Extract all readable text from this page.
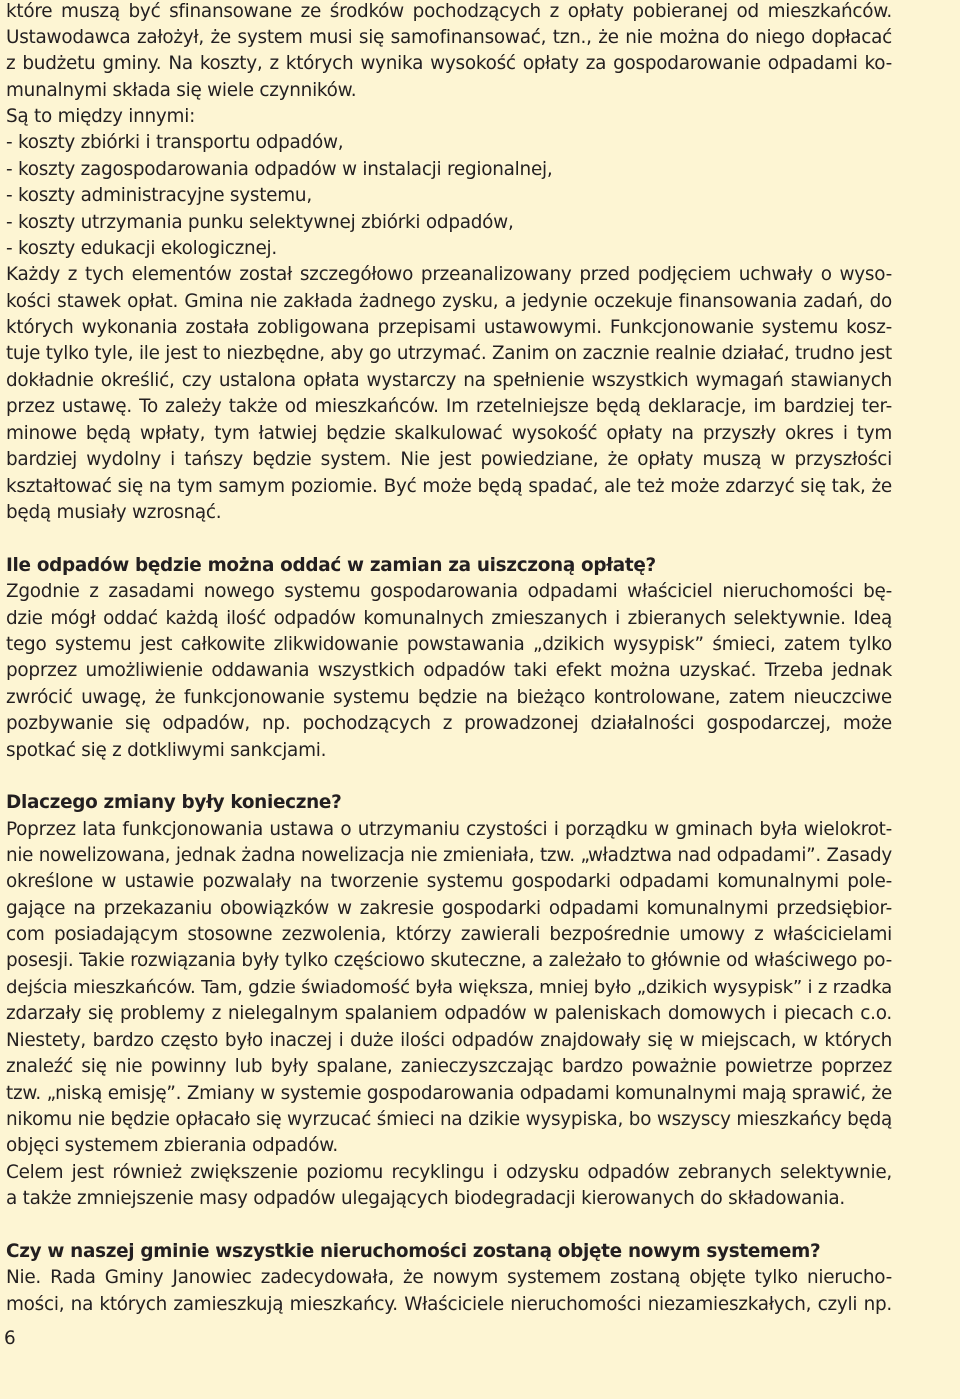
które muszą być sfinansowane ze środków pochodzących z opłaty pobieranej od mieszkańców.
Ustawodawca założył, że system musi się samofinansować, tzn., że nie można do niego dopłacać
z budżetu gminy. Na koszty, z których wynika wysokość opłaty za gospodarowanie odpadami ko-
munalnymi składa się wiele czynników.
Są to między innymi:
- koszty zbiórki i transportu odpadów,
- koszty zagospodarowania odpadów w instalacji regionalnej,
- koszty administracyjne systemu,
- koszty utrzymania punku selektywnej zbiórki odpadów,
- koszty edukacji ekologicznej.
Każdy z tych elementów został szczegółowo przeanalizowany przed podjęciem uchwały o wyso-
kości stawek opłat. Gmina nie zakłada żadnego zysku, a jedynie oczekuje finansowania zadań, do
których wykonania została zobligowana przepisami ustawowymi. Funkcjonowanie systemu kosz-
tuje tylko tyle, ile jest to niezbędne, aby go utrzymać. Zanim on zacznie realnie działać, trudno jest
dokładnie określić, czy ustalona opłata wystarczy na spełnienie wszystkich wymagań stawianych
przez ustawę. To zależy także od mieszkańców. Im rzetelniejsze będą deklaracje, im bardziej ter-
minowe będą wpłaty, tym łatwiej będzie skalkulować wysokość opłaty na przyszły okres i tym
bardziej wydolny i tańszy będzie system. Nie jest powiedziane, że opłaty muszą w przyszłości
kształtować się na tym samym poziomie. Być może będą spadać, ale też może zdarzyć się tak, że
będą musiały wzrosnąć.
Ile odpadów będzie można oddać w zamian za uiszczoną opłatę?
Zgodnie z zasadami nowego systemu gospodarowania odpadami właściciel nieruchomości bę-
dzie mógł oddać każdą ilość odpadów komunalnych zmieszanych i zbieranych selektywnie. Ideą
tego systemu jest całkowite zlikwidowanie powstawania „dzikich wysypisk” śmieci, zatem tylko
poprzez umożliwienie oddawania wszystkich odpadów taki efekt można uzyskać. Trzeba jednak
zwrócić uwagę, że funkcjonowanie systemu będzie na bieżąco kontrolowane, zatem nieuczciwe
pozbywanie się odpadów, np. pochodzących z prowadzonej działalności gospodarczej, może
spotkać się z dotkliwymi sankcjami.
Dlaczego zmiany były konieczne?
Poprzez lata funkcjonowania ustawa o utrzymaniu czystości i porządku w gminach była wielokrot-
nie nowelizowana, jednak żadna nowelizacja nie zmieniała, tzw. „władztwa nad odpadami”. Zasady
określone w ustawie pozwalały na tworzenie systemu gospodarki odpadami komunalnymi pole-
gające na przekazaniu obowiązków w zakresie gospodarki odpadami komunalnymi przedsiębior-
com posiadającym stosowne zezwolenia, którzy zawierali bezpośrednie umowy z właścicielami
posesji. Takie rozwiązania były tylko częściowo skuteczne, a zależało to głównie od właściwego po-
dejścia mieszkańców. Tam, gdzie świadomość była większa, mniej było „dzikich wysypisk” i z rzadka
zdarzały się problemy z nielegalnym spalaniem odpadów w paleniskach domowych i piecach c.o.
Niestety, bardzo często było inaczej i duże ilości odpadów znajdowały się w miejscach, w których
znaleźć się nie powinny lub były spalane, zanieczyszczając bardzo poważnie powietrze poprzez
tzw. „niską emisję”. Zmiany w systemie gospodarowania odpadami komunalnymi mają sprawić, że
nikomu nie będzie opłacało się wyrzucać śmieci na dzikie wysypiska, bo wszyscy mieszkańcy będą
objęci systemem zbierania odpadów.
Celem jest również zwiększenie poziomu recyklingu i odzysku odpadów zebranych selektywnie,
a także zmniejszenie masy odpadów ulegających biodegradacji kierowanych do składowania.
Czy w naszej gminie wszystkie nieruchomości zostaną objęte nowym systemem?
Nie. Rada Gminy Janowiec zadecydowała, że nowym systemem zostaną objęte tylko nierucho-
mości, na których zamieszkują mieszkańcy. Właściciele nieruchomości niezamieszkałych, czyli np.
6
